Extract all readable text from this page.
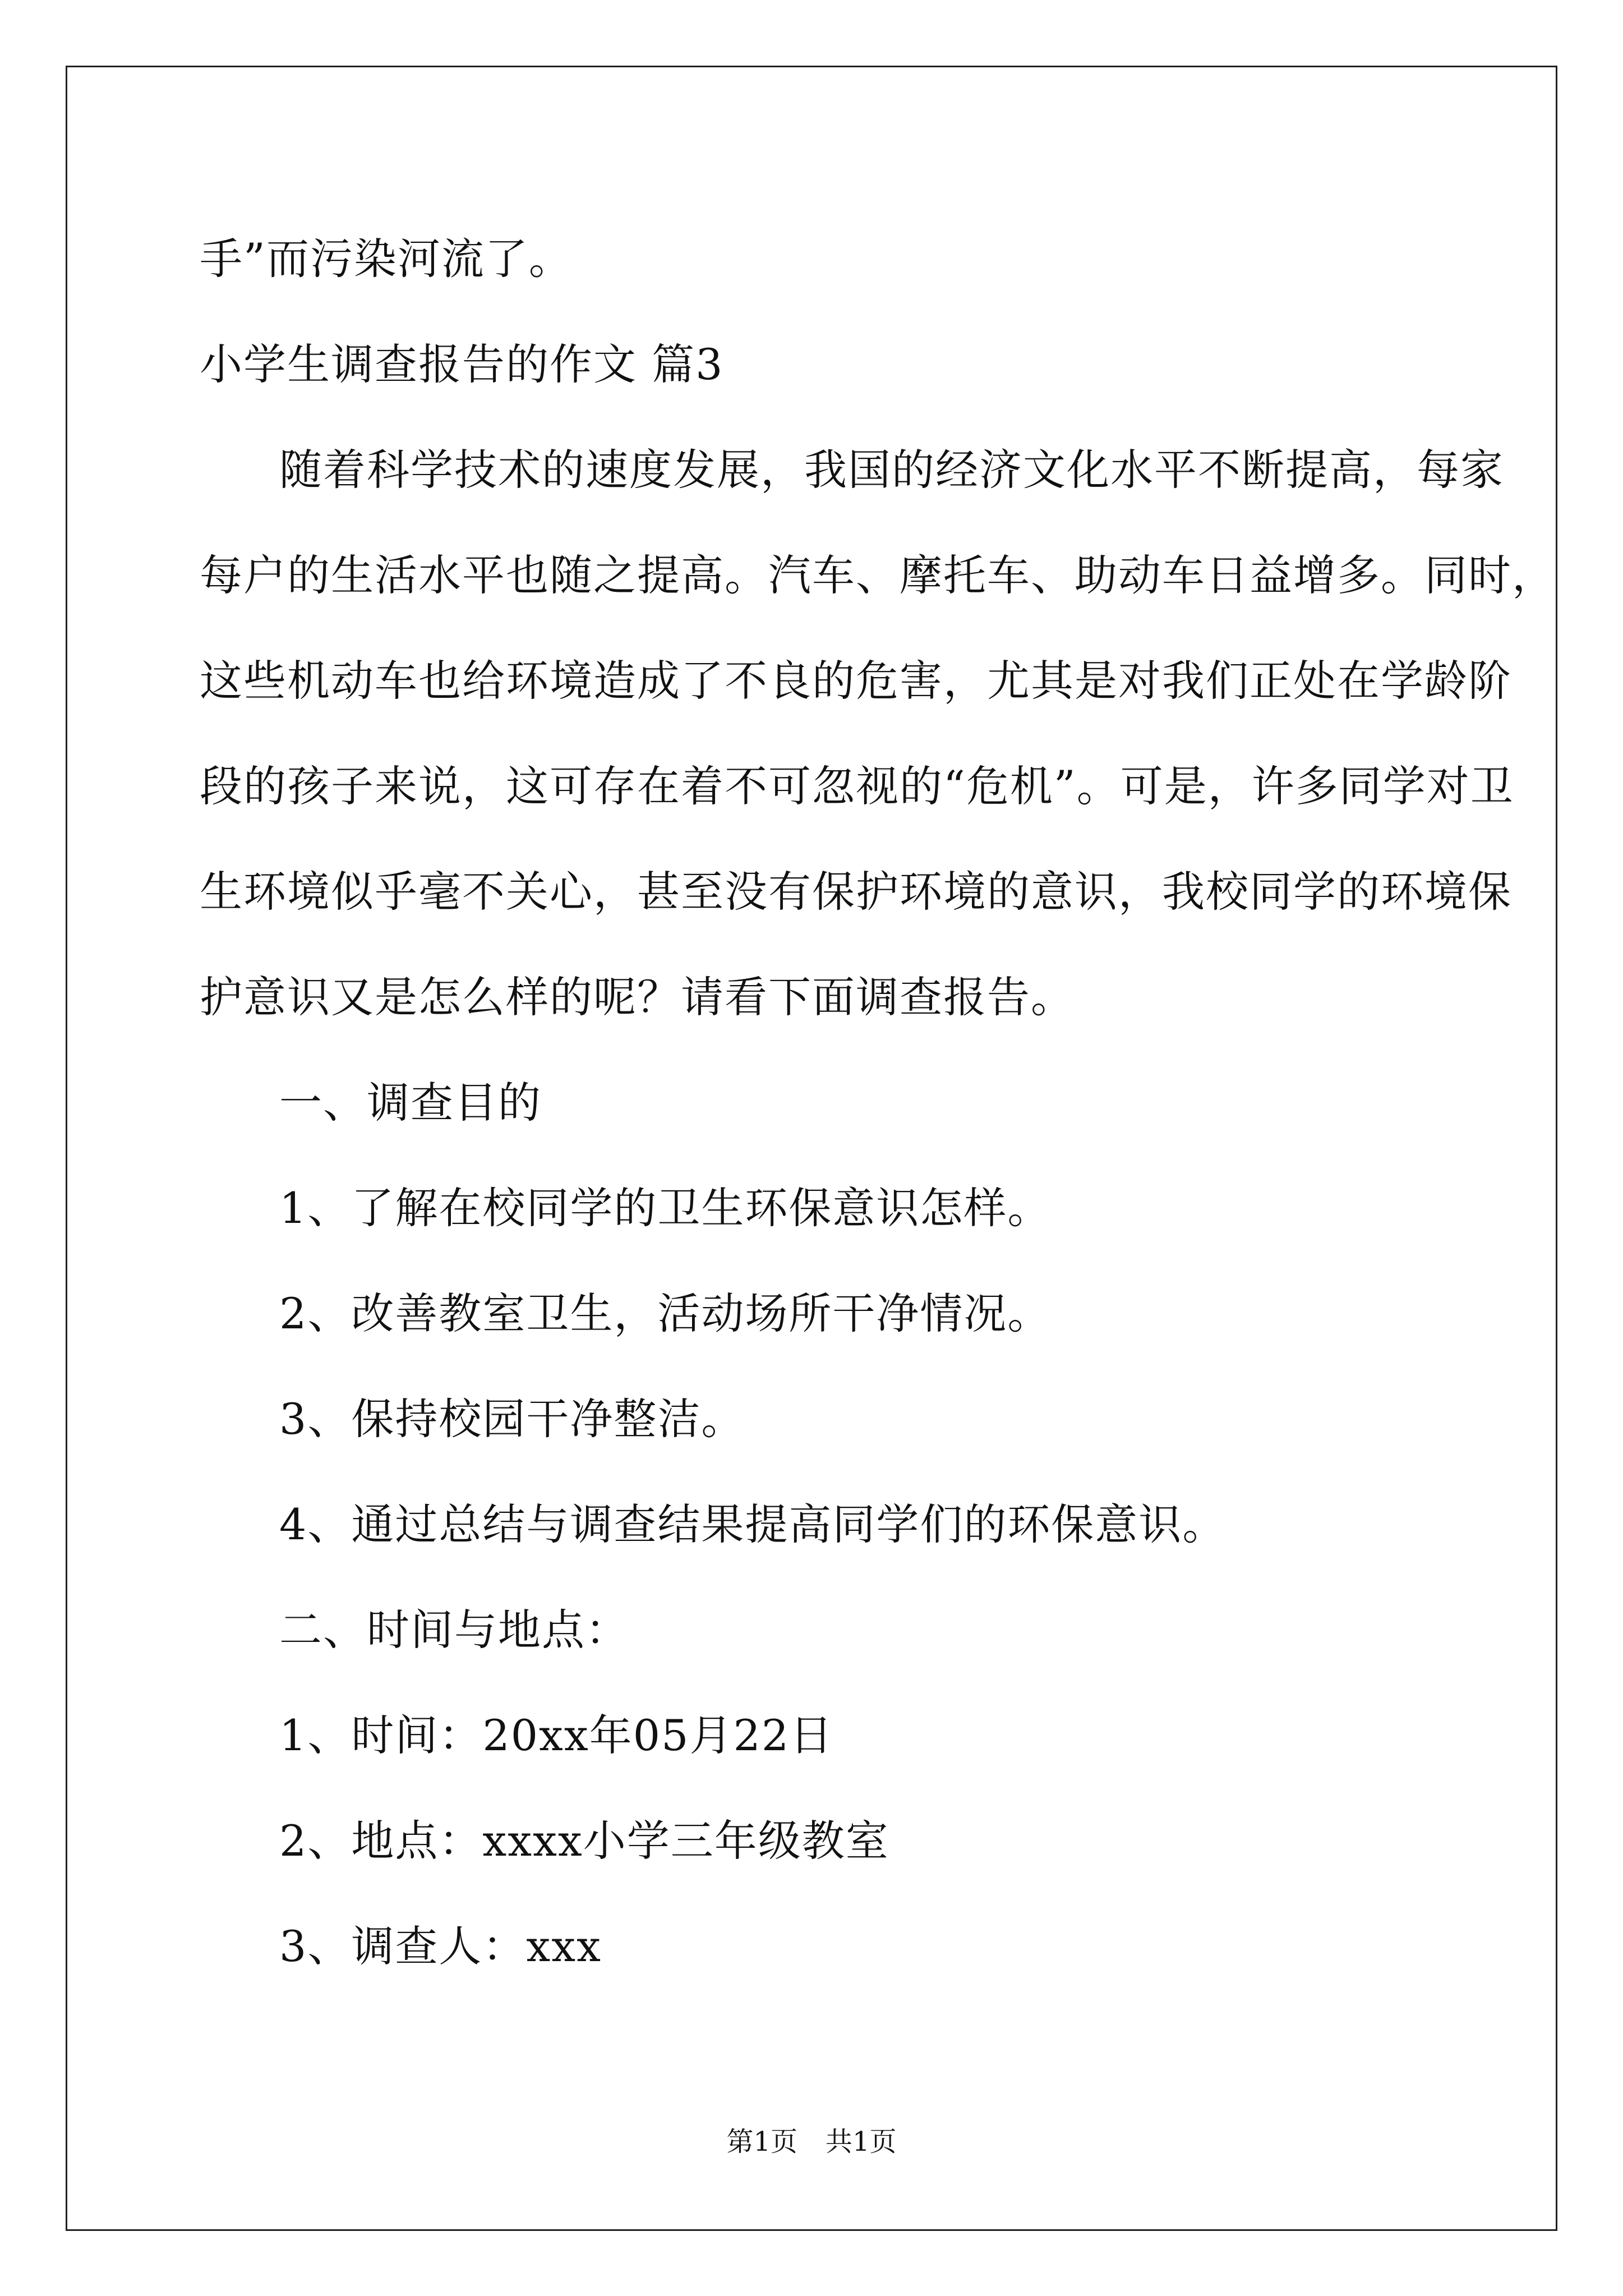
手”而污染河流了。
小学生调查报告的作文 篇3
随着科学技术的速度发展，我国的经济文化水平不断提高，每家
每户的生活水平也随之提高。汽车、摩托车、助动车日益增多。同时，
这些机动车也给环境造成了不良的危害，尤其是对我们正处在学龄阶
段的孩子来说，这可存在着不可忽视的“危机”。可是，许多同学对卫
生环境似乎毫不关心，甚至没有保护环境的意识，我校同学的环境保
护意识又是怎么样的呢？请看下面调查报告。
一、调查目的
1、了解在校同学的卫生环保意识怎样。
2、改善教室卫生，活动场所干净情况。
3、保持校园干净整洁。
4、通过总结与调查结果提高同学们的环保意识。
二、时间与地点：
1、时间：20xx年05月22日
2、地点：xxxx小学三年级教室
3、调查人：xxx
第1页 共1页
